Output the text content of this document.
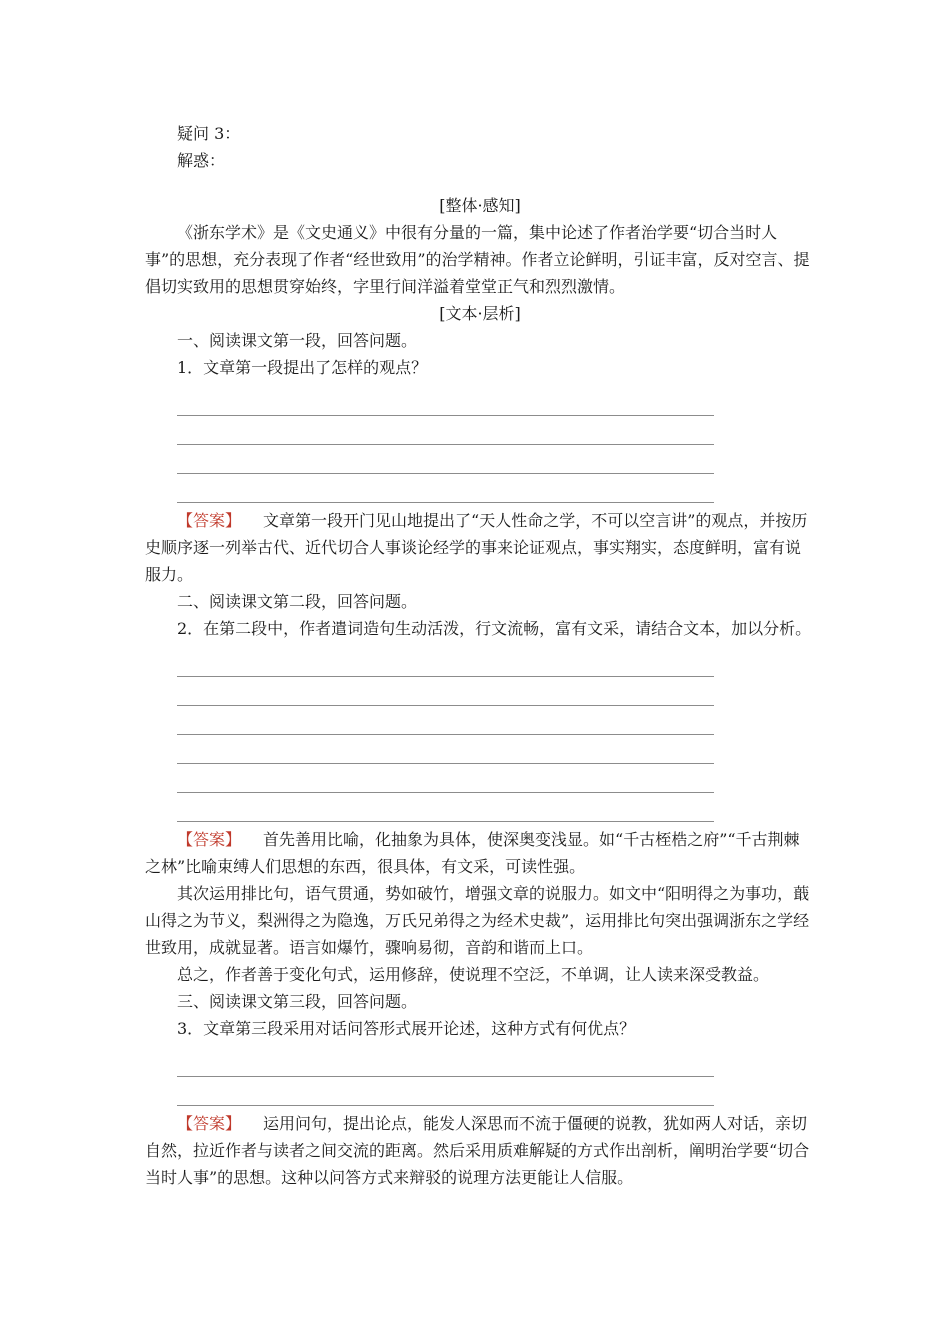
疑问 3：

解惑：

[整体·感知]

《浙东学术》是《文史通义》中很有分量的一篇，集中论述了作者治学要“切合当时人事”的思想，充分表现了作者“经世致用”的治学精神。作者立论鲜明，引证丰富，反对空言、提倡切实致用的思想贯穿始终，字里行间洋溢着堂堂正气和烈烈激情。

[文本·层析]

一、阅读课文第一段，回答问题。

1．文章第一段提出了怎样的观点？

【答案】 文章第一段开门见山地提出了“天人性命之学，不可以空言讲”的观点，并按历史顺序逐一列举古代、近代切合人事谈论经学的事来论证观点，事实翔实，态度鲜明，富有说服力。

二、阅读课文第二段，回答问题。

2．在第二段中，作者遣词造句生动活泼，行文流畅，富有文采，请结合文本，加以分析。

【答案】 首先善用比喻，化抽象为具体，使深奥变浅显。如“千古桎梏之府”“千古荆棘之林”比喻束缚人们思想的东西，很具体，有文采，可读性强。

其次运用排比句，语气贯通，势如破竹，增强文章的说服力。如文中“阳明得之为事功，蕺山得之为节义，梨洲得之为隐逸，万氏兄弟得之为经术史裁”，运用排比句突出强调浙东之学经世致用，成就显著。语言如爆竹，骤响易彻，音韵和谐而上口。

总之，作者善于变化句式，运用修辞，使说理不空泛，不单调，让人读来深受教益。

三、阅读课文第三段，回答问题。

3．文章第三段采用对话问答形式展开论述，这种方式有何优点？

【答案】 运用问句，提出论点，能发人深思而不流于僵硬的说教，犹如两人对话，亲切自然，拉近作者与读者之间交流的距离。然后采用质难解疑的方式作出剖析，阐明治学要“切合当时人事”的思想。这种以问答方式来辩驳的说理方法更能让人信服。
